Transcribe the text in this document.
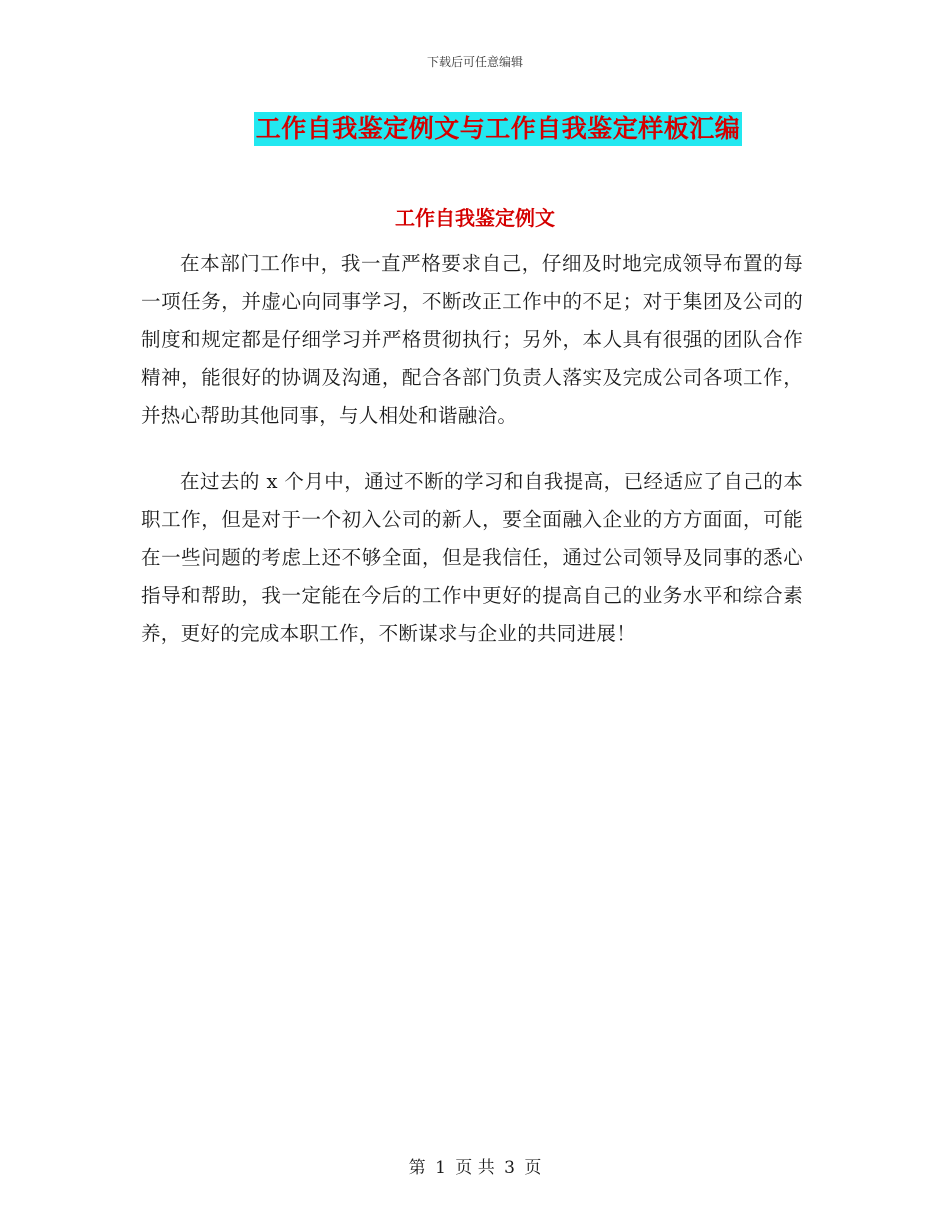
下载后可任意编辑
工作自我鉴定例文与工作自我鉴定样板汇编
工作自我鉴定例文

在本部门工作中，我一直严格要求自己，仔细及时地完成领导布置的每一项任务，并虚心向同事学习，不断改正工作中的不足；对于集团及公司的制度和规定都是仔细学习并严格贯彻执行；另外，本人具有很强的团队合作精神，能很好的协调及沟通，配合各部门负责人落实及完成公司各项工作，并热心帮助其他同事，与人相处和谐融洽。

在过去的 x 个月中，通过不断的学习和自我提高，已经适应了自己的本职工作，但是对于一个初入公司的新人，要全面融入企业的方方面面，可能在一些问题的考虑上还不够全面，但是我信任，通过公司领导及同事的悉心指导和帮助，我一定能在今后的工作中更好的提高自己的业务水平和综合素养，更好的完成本职工作，不断谋求与企业的共同进展！

第 1 页 共 3 页
